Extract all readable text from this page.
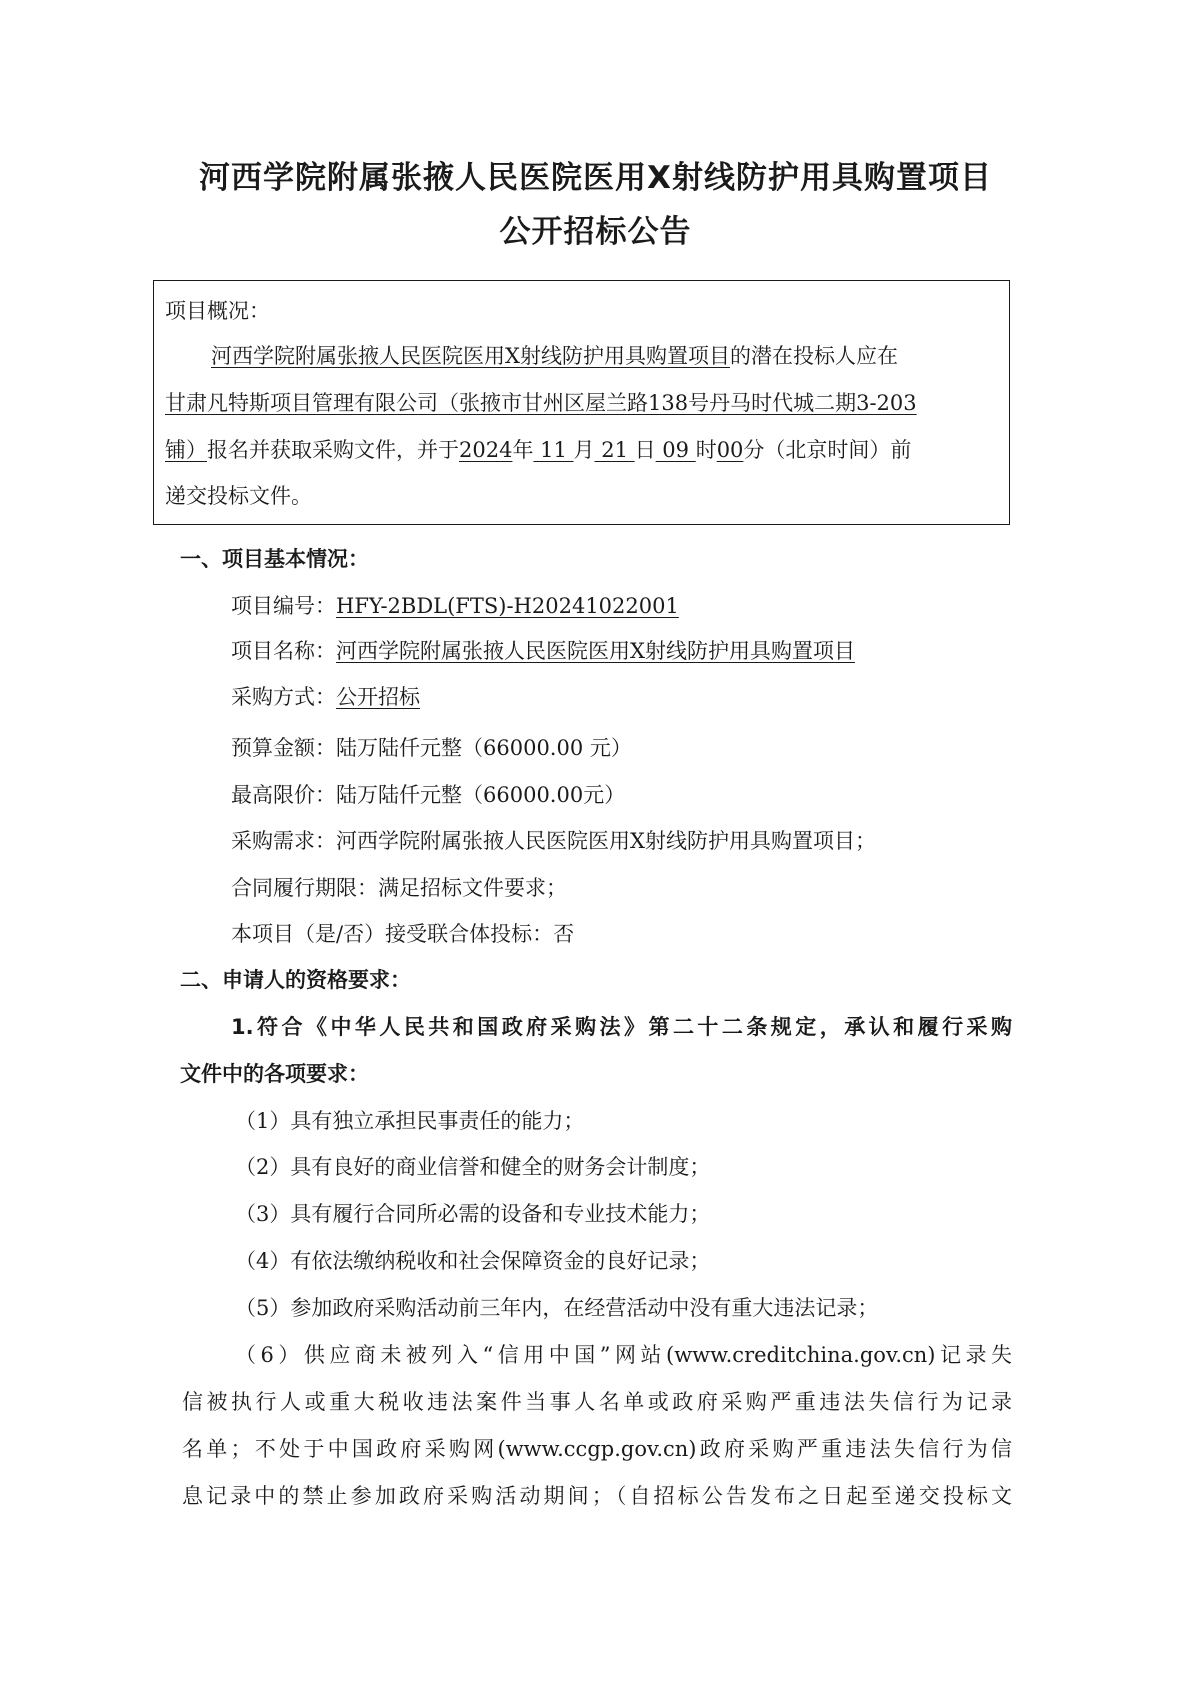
河西学院附属张掖人民医院医用X射线防护用具购置项目
公开招标公告
项目概况：
河西学院附属张掖人民医院医用X射线防护用具购置项目的潜在投标人应在
甘肃凡特斯项目管理有限公司（张掖市甘州区屋兰路138号丹马时代城二期3-203
铺）报名并获取采购文件，并于2024年 11 月 21 日 09 时00分（北京时间）前
递交投标文件。
一、项目基本情况：
项目编号：HFY-2BDL(FTS)-H20241022001
项目名称：河西学院附属张掖人民医院医用X射线防护用具购置项目
采购方式：公开招标
预算金额：陆万陆仟元整（66000.00 元）
最高限价：陆万陆仟元整（66000.00元）
采购需求：河西学院附属张掖人民医院医用X射线防护用具购置项目；
合同履行期限：满足招标文件要求；
本项目（是/否）接受联合体投标：否
二、申请人的资格要求：
1.符合《中华人民共和国政府采购法》第二十二条规定，承认和履行采购
文件中的各项要求：
（1）具有独立承担民事责任的能力；
（2）具有良好的商业信誉和健全的财务会计制度；
（3）具有履行合同所必需的设备和专业技术能力；
（4）有依法缴纳税收和社会保障资金的良好记录；
（5）参加政府采购活动前三年内，在经营活动中没有重大违法记录；
（6）供应商未被列入“信用中国”网站(www.creditchina.gov.cn)记录失
信被执行人或重大税收违法案件当事人名单或政府采购严重违法失信行为记录
名单；不处于中国政府采购网(www.ccgp.gov.cn)政府采购严重违法失信行为信
息记录中的禁止参加政府采购活动期间；（自招标公告发布之日起至递交投标文
